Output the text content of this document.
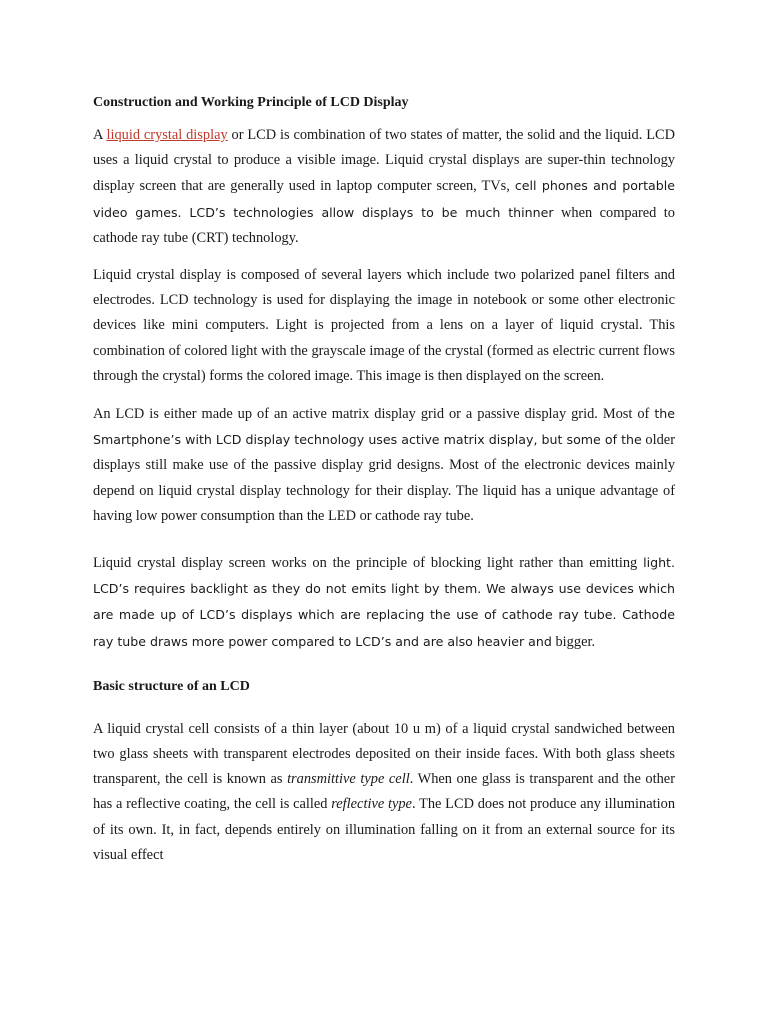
Construction and Working Principle of LCD Display

A liquid crystal display or LCD is combination of two states of matter, the solid and the liquid. LCD uses a liquid crystal to produce a visible image. Liquid crystal displays are super-thin technology display screen that are generally used in laptop computer screen, TVs, cell phones and portable video games. LCD’s technologies allow displays to be much thinner when compared to cathode ray tube (CRT) technology.

Liquid crystal display is composed of several layers which include two polarized panel filters and electrodes. LCD technology is used for displaying the image in notebook or some other electronic devices like mini computers. Light is projected from a lens on a layer of liquid crystal. This combination of colored light with the grayscale image of the crystal (formed as electric current flows through the crystal) forms the colored image. This image is then displayed on the screen.

An LCD is either made up of an active matrix display grid or a passive display grid. Most of the Smartphone’s with LCD display technology uses active matrix display, but some of the older displays still make use of the passive display grid designs. Most of the electronic devices mainly depend on liquid crystal display technology for their display. The liquid has a unique advantage of having low power consumption than the LED or cathode ray tube.

Liquid crystal display screen works on the principle of blocking light rather than emitting light. LCD’s requires backlight as they do not emits light by them. We always use devices which are made up of LCD’s displays which are replacing the use of cathode ray tube. Cathode ray tube draws more power compared to LCD’s and are also heavier and bigger.

Basic structure of an LCD

A liquid crystal cell consists of a thin layer (about 10 u m) of a liquid crystal sandwiched between two glass sheets with transparent electrodes deposited on their inside faces. With both glass sheets transparent, the cell is known as transmittive type cell. When one glass is transparent and the other has a reflective coating, the cell is called reflective type. The LCD does not produce any illumination of its own. It, in fact, depends entirely on illumination falling on it from an external source for its visual effect
